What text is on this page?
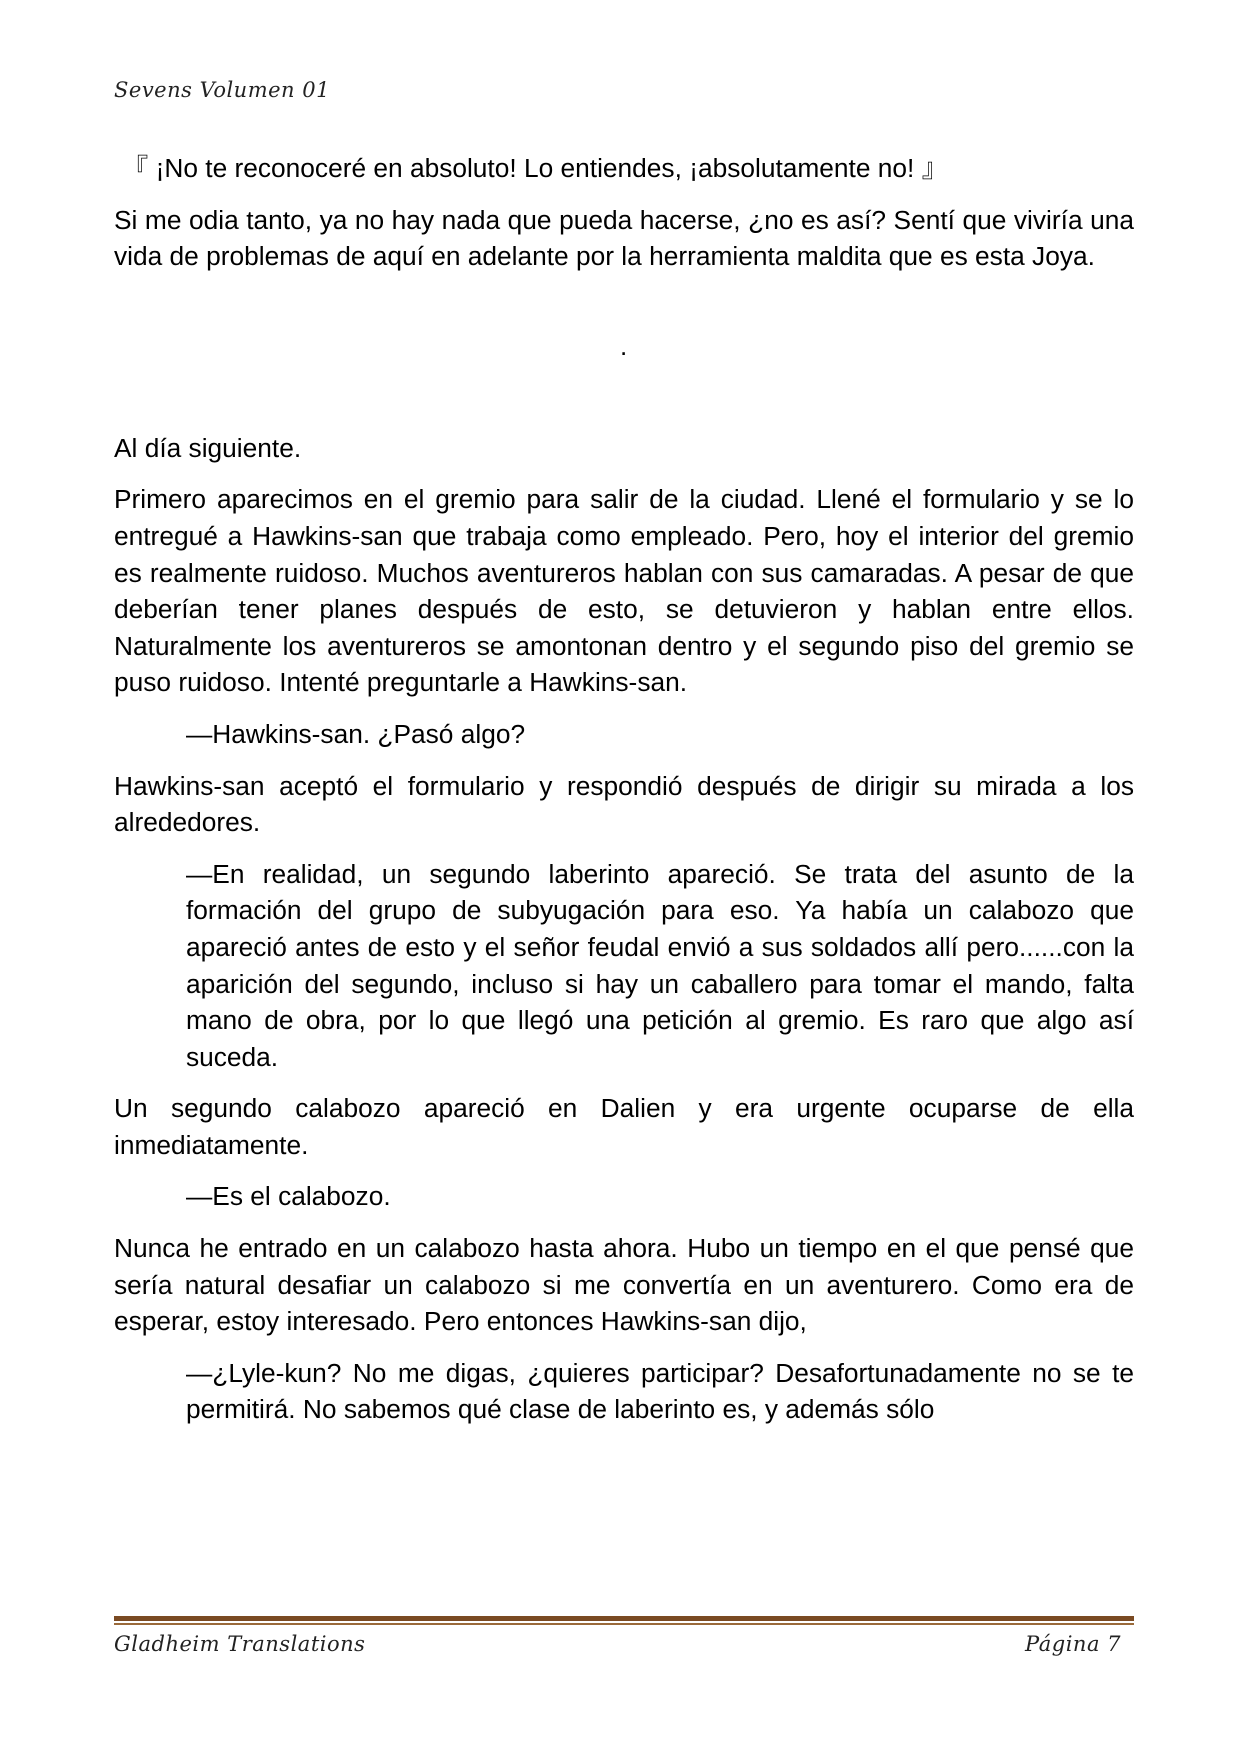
Sevens Volumen 01

『 ¡No te reconoceré en absoluto! Lo entiendes, ¡absolutamente no! 』

Si me odia tanto, ya no hay nada que pueda hacerse, ¿no es así? Sentí que viviría una vida de problemas de aquí en adelante por la herramienta maldita que es esta Joya.

.

Al día siguiente.

Primero aparecimos en el gremio para salir de la ciudad. Llené el formulario y se lo entregué a Hawkins-san que trabaja como empleado. Pero, hoy el interior del gremio es realmente ruidoso. Muchos aventureros hablan con sus camaradas. A pesar de que deberían tener planes después de esto, se detuvieron y hablan entre ellos. Naturalmente los aventureros se amontonan dentro y el segundo piso del gremio se puso ruidoso. Intenté preguntarle a Hawkins-san.

—Hawkins-san. ¿Pasó algo?

Hawkins-san aceptó el formulario y respondió después de dirigir su mirada a los alrededores.

—En realidad, un segundo laberinto apareció. Se trata del asunto de la formación del grupo de subyugación para eso. Ya había un calabozo que apareció antes de esto y el señor feudal envió a sus soldados allí pero......con la aparición del segundo, incluso si hay un caballero para tomar el mando, falta mano de obra, por lo que llegó una petición al gremio. Es raro que algo así suceda.

Un segundo calabozo apareció en Dalien y era urgente ocuparse de ella inmediatamente.

—Es el calabozo.

Nunca he entrado en un calabozo hasta ahora. Hubo un tiempo en el que pensé que sería natural desafiar un calabozo si me convertía en un aventurero. Como era de esperar, estoy interesado. Pero entonces Hawkins-san dijo,

—¿Lyle-kun? No me digas, ¿quieres participar? Desafortunadamente no se te permitirá. No sabemos qué clase de laberinto es, y además sólo

Gladheim Translations	Página 7
